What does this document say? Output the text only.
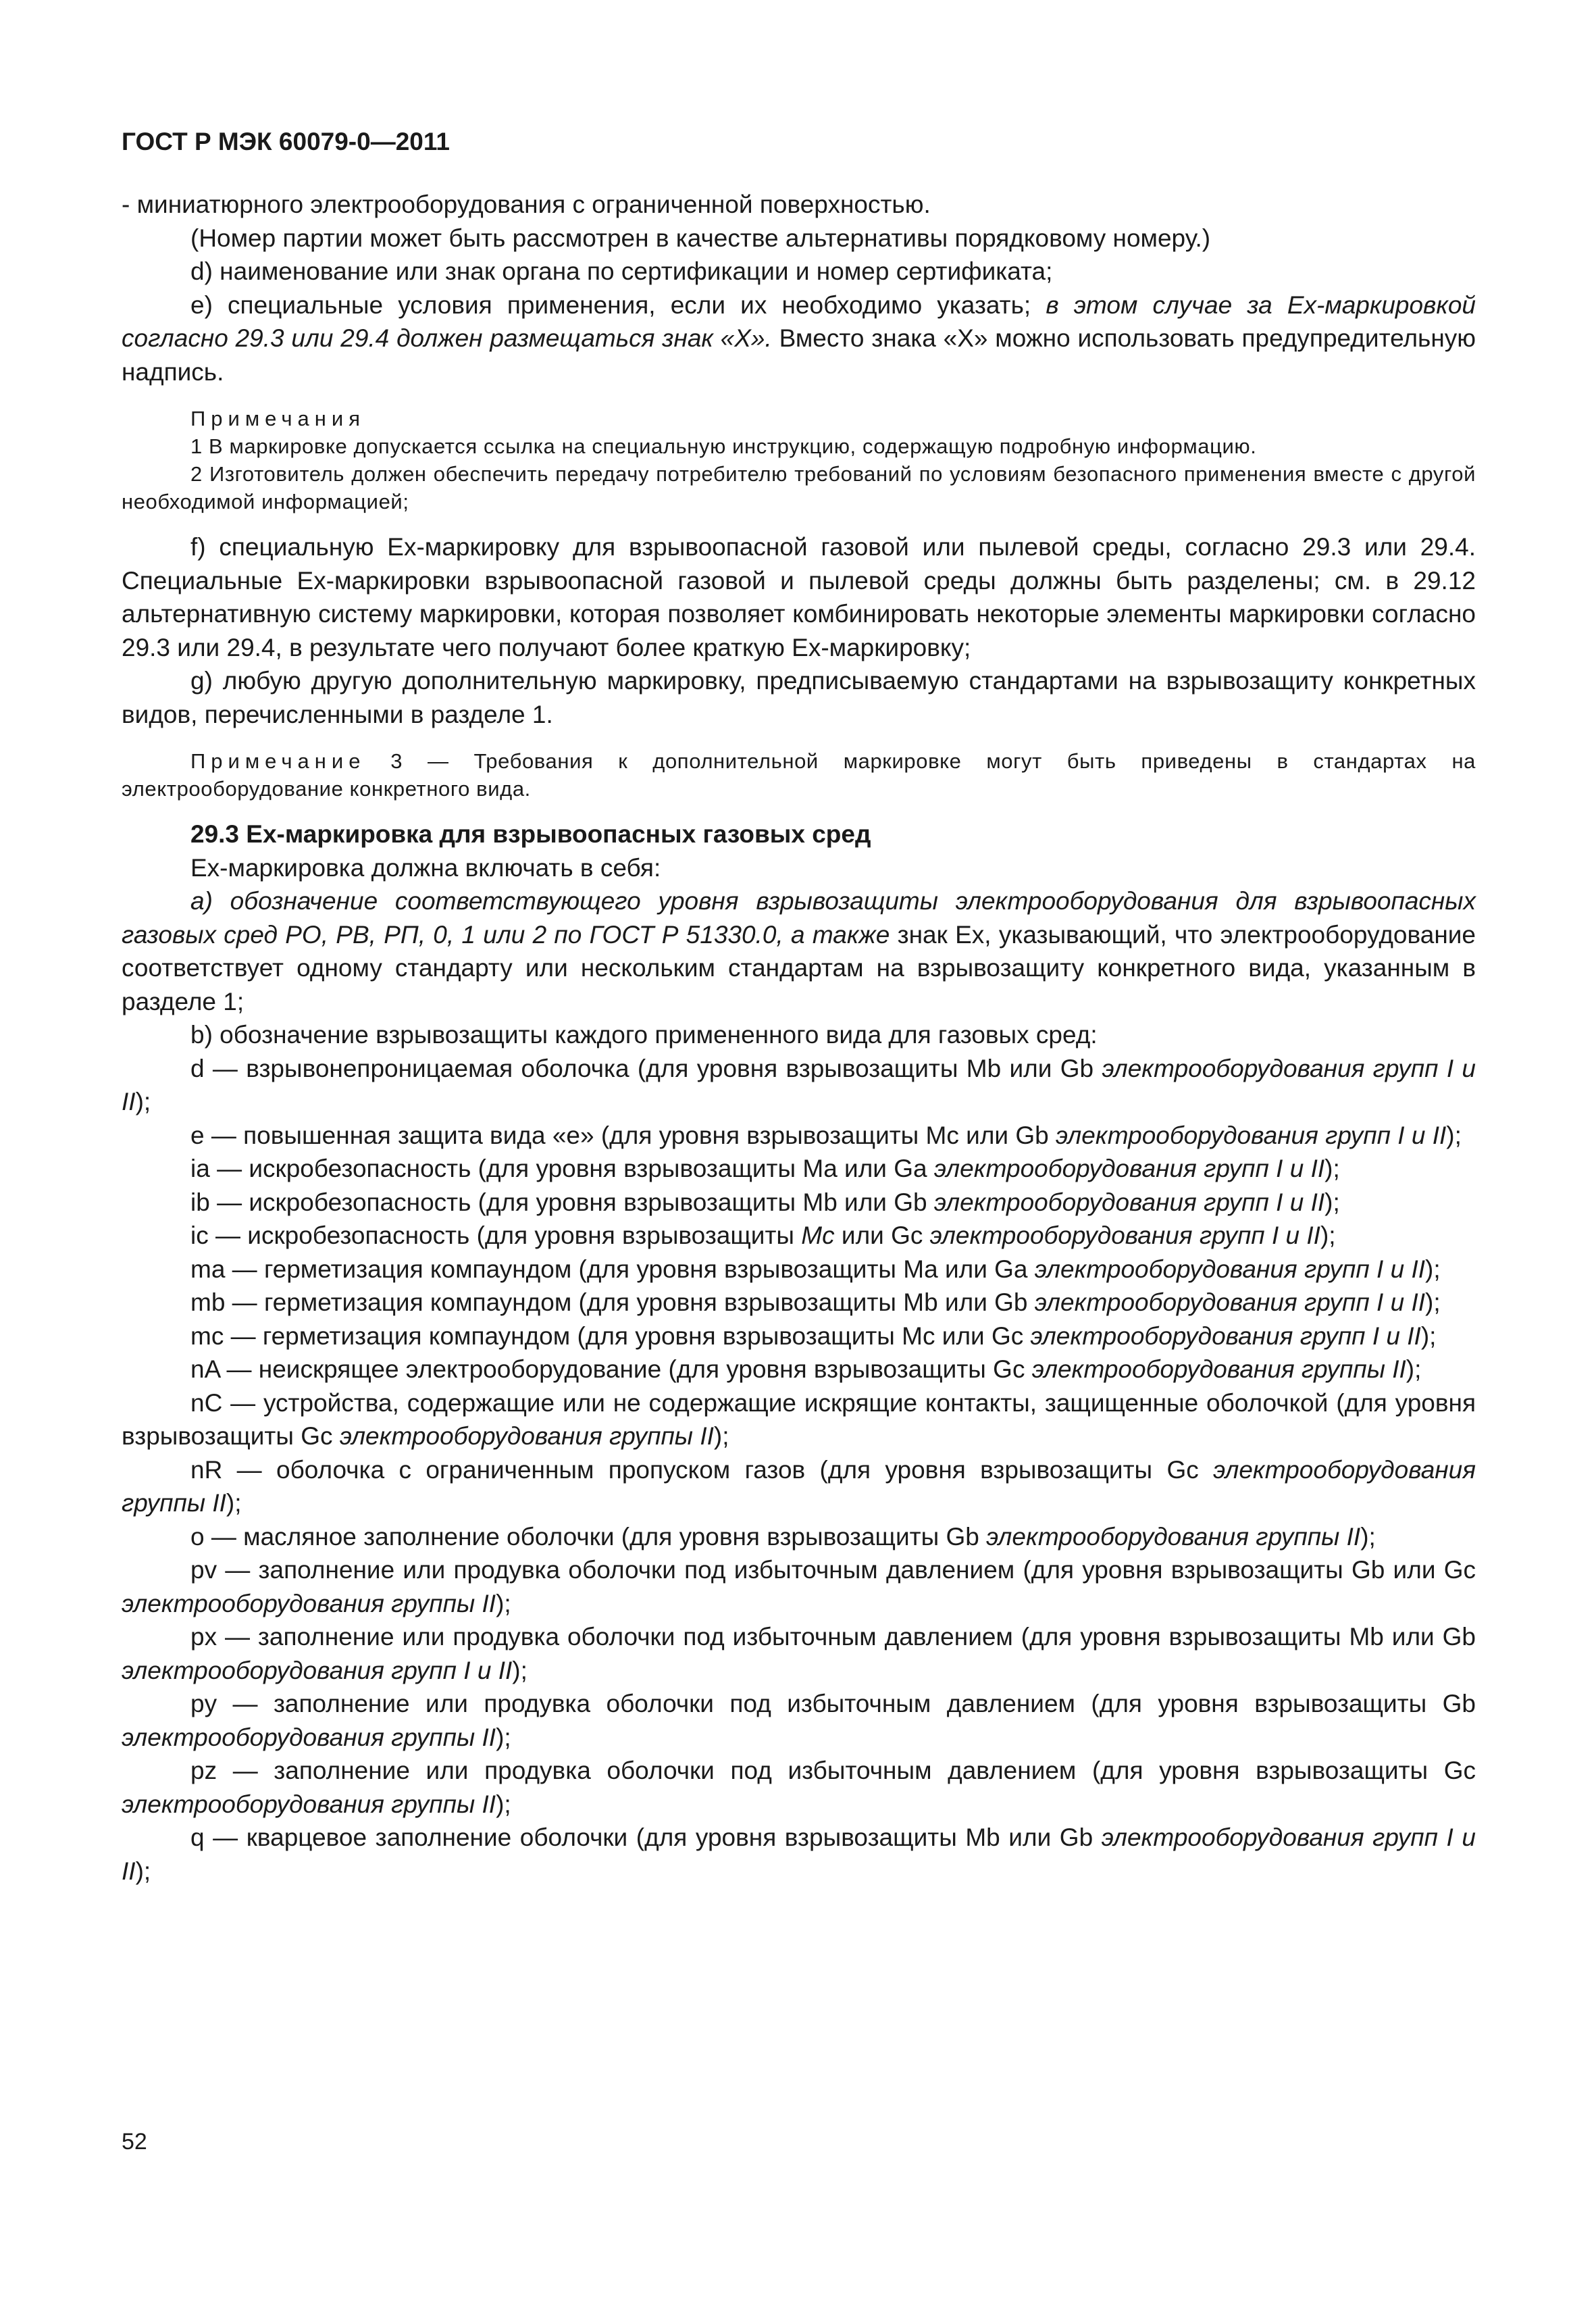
ГОСТ Р МЭК 60079-0—2011

- миниатюрного электрооборудования с ограниченной поверхностью.

(Номер партии может быть рассмотрен в качестве альтернативы порядковому номеру.)

d) наименование или знак органа по сертификации и номер сертификата;

e) специальные условия применения, если их необходимо указать; в этом случае за Ex-маркировкой согласно 29.3 или 29.4 должен размещаться знак «X». Вместо знака «X» можно использовать предупредительную надпись.

Примечания

1 В маркировке допускается ссылка на специальную инструкцию, содержащую подробную информацию.

2 Изготовитель должен обеспечить передачу потребителю требований по условиям безопасного применения вместе с другой необходимой информацией;

f) специальную Ex-маркировку для взрывоопасной газовой или пылевой среды, согласно 29.3 или 29.4. Специальные Ex-маркировки взрывоопасной газовой и пылевой среды должны быть разделены; см. в 29.12 альтернативную систему маркировки, которая позволяет комбинировать некоторые элементы маркировки согласно 29.3 или 29.4, в результате чего получают более краткую Ex-маркировку;

g) любую другую дополнительную маркировку, предписываемую стандартами на взрывозащиту конкретных видов, перечисленными в разделе 1.

Примечание 3 — Требования к дополнительной маркировке могут быть приведены в стандартах на электрооборудование конкретного вида.

29.3 Ex-маркировка для взрывоопасных газовых сред

Ex-маркировка должна включать в себя:

a) обозначение соответствующего уровня взрывозащиты электрооборудования для взрывоопасных газовых сред PO, PB, РП, 0, 1 или 2 по ГОСТ Р 51330.0, а также знак Ex, указывающий, что электрооборудование соответствует одному стандарту или нескольким стандартам на взрывозащиту конкретного вида, указанным в разделе 1;

b) обозначение взрывозащиты каждого примененного вида для газовых сред:

d — взрывонепроницаемая оболочка (для уровня взрывозащиты Mb или Gb электрооборудования групп I и II);

e — повышенная защита вида «e» (для уровня взрывозащиты Mc или Gb электрооборудования групп I и II);

ia — искробезопасность (для уровня взрывозащиты Ma или Ga электрооборудования групп I и II);

ib — искробезопасность (для уровня взрывозащиты Mb или Gb электрооборудования групп I и II);

ic — искробезопасность (для уровня взрывозащиты Mc или Gc электрооборудования групп I и II);

ma — герметизация компаундом (для уровня взрывозащиты Ma или Ga электрооборудования групп I и II);

mb — герметизация компаундом (для уровня взрывозащиты Mb или Gb электрооборудования групп I и II);

mc — герметизация компаундом (для уровня взрывозащиты Mc или Gc электрооборудования групп I и II);

nA — неискрящее электрооборудование (для уровня взрывозащиты Gc электрооборудования группы II);

nC — устройства, содержащие или не содержащие искрящие контакты, защищенные оболочкой (для уровня взрывозащиты Gc электрооборудования группы II);

nR — оболочка с ограниченным пропуском газов (для уровня взрывозащиты Gc электрооборудования группы II);

o — масляное заполнение оболочки (для уровня взрывозащиты Gb электрооборудования группы II);

pv — заполнение или продувка оболочки под избыточным давлением (для уровня взрывозащиты Gb или Gc электрооборудования группы II);

px — заполнение или продувка оболочки под избыточным давлением (для уровня взрывозащиты Mb или Gb электрооборудования групп I и II);

py — заполнение или продувка оболочки под избыточным давлением (для уровня взрывозащиты Gb электрооборудования группы II);

pz — заполнение или продувка оболочки под избыточным давлением (для уровня взрывозащиты Gc электрооборудования группы II);

q — кварцевое заполнение оболочки (для уровня взрывозащиты Mb или Gb электрооборудования групп I и II);

52
